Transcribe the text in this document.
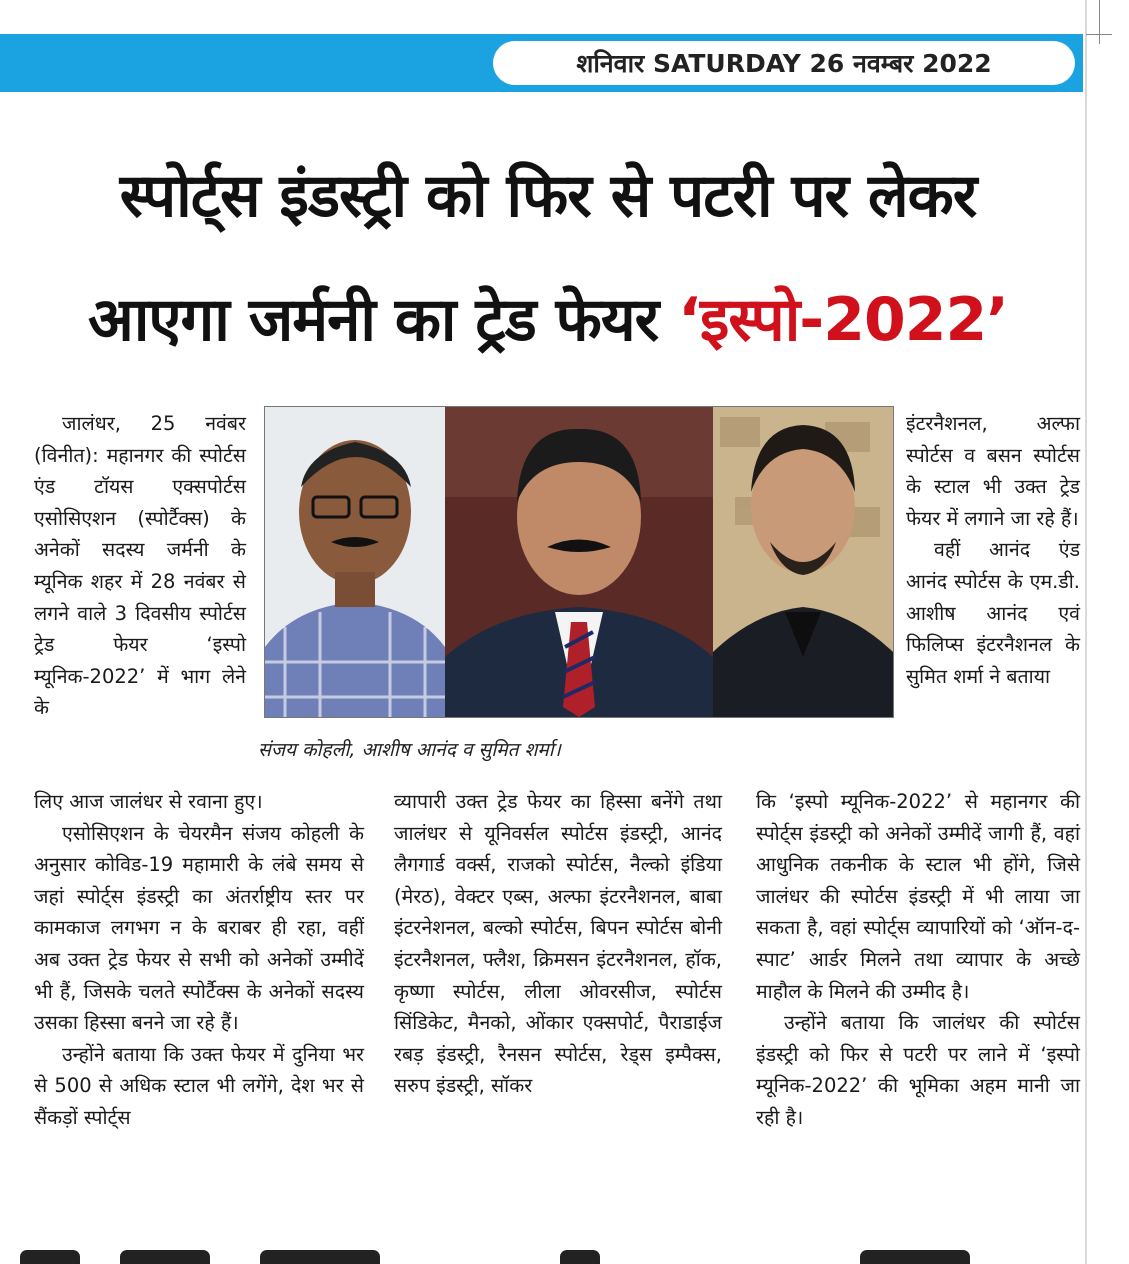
शनिवार SATURDAY 26 नवम्बर 2022
स्पोर्ट्स इंडस्ट्री को फिर से पटरी पर लेकर
आएगा जर्मनी का ट्रेड फेयर ‘इस्पो-2022’

जालंधर, 25 नवंबर (विनीत): महानगर की स्पोर्टस एंड टॉयस एक्सपोर्टस एसोसिएशन (स्पोर्टैक्स) के अनेकों सदस्य जर्मनी के म्यूनिक शहर में 28 नवंबर से लगने वाले 3 दिवसीय स्पोर्टस ट्रेड फेयर ‘इस्पो म्यूनिक-2022’ में भाग लेने के

संजय कोहली, आशीष आनंद व सुमित शर्मा।

लिए आज जालंधर से रवाना हुए।

एसोसिएशन के चेयरमैन संजय कोहली के अनुसार कोविड-19 महामारी के लंबे समय से जहां स्पोर्ट्स इंडस्ट्री का अंतर्राष्ट्रीय स्तर पर कामकाज लगभग न के बराबर ही रहा, वहीं अब उक्त ट्रेड फेयर से सभी को अनेकों उम्मीदें भी हैं, जिसके चलते स्पोर्टैक्स के अनेकों सदस्य उसका हिस्सा बनने जा रहे हैं।

उन्होंने बताया कि उक्त फेयर में दुनिया भर से 500 से अधिक स्टाल भी लगेंगे, देश भर से सैंकड़ों स्पोर्ट्स

व्यापारी उक्त ट्रेड फेयर का हिस्सा बनेंगे तथा जालंधर से यूनिवर्सल स्पोर्टस इंडस्ट्री, आनंद लैगगार्ड वर्क्स, राजको स्पोर्टस, नैल्को इंडिया (मेरठ), वेक्टर एब्स, अल्फा इंटरनैशनल, बाबा इंटरनेशनल, बल्को स्पोर्टस, बिपन स्पोर्टस बोनी इंटरनैशनल, फ्लैश, क्रिमसन इंटरनैशनल, हॉक, कृष्णा स्पोर्टस, लीला ओवरसीज, स्पोर्टस सिंडिकेट, मैनको, ओंकार एक्सपोर्ट, पैराडाईज रबड़ इंडस्ट्री, रैनसन स्पोर्टस, रेड्स इम्पैक्स, सरुप इंडस्ट्री, सॉकर

इंटरनैशनल, अल्फा स्पोर्टस व बसन स्पोर्टस के स्टाल भी उक्त ट्रेड फेयर में लगाने जा रहे हैं।

वहीं आनंद एंड आनंद स्पोर्टस के एम.डी. आशीष आनंद एवं फिलिप्स इंटरनैशनल के सुमित शर्मा ने बताया

कि ‘इस्पो म्यूनिक-2022’ से महानगर की स्पोर्ट्स इंडस्ट्री को अनेकों उम्मीदें जागी हैं, वहां आधुनिक तकनीक के स्टाल भी होंगे, जिसे जालंधर की स्पोर्टस इंडस्ट्री में भी लाया जा सकता है, वहां स्पोर्ट्स व्यापारियों को ‘ऑन-द-स्पाट’ आर्डर मिलने तथा व्यापार के अच्छे माहौल के मिलने की उम्मीद है।

उन्होंने बताया कि जालंधर की स्पोर्टस इंडस्ट्री को फिर से पटरी पर लाने में ‘इस्पो म्यूनिक-2022’ की भूमिका अहम मानी जा रही है।
